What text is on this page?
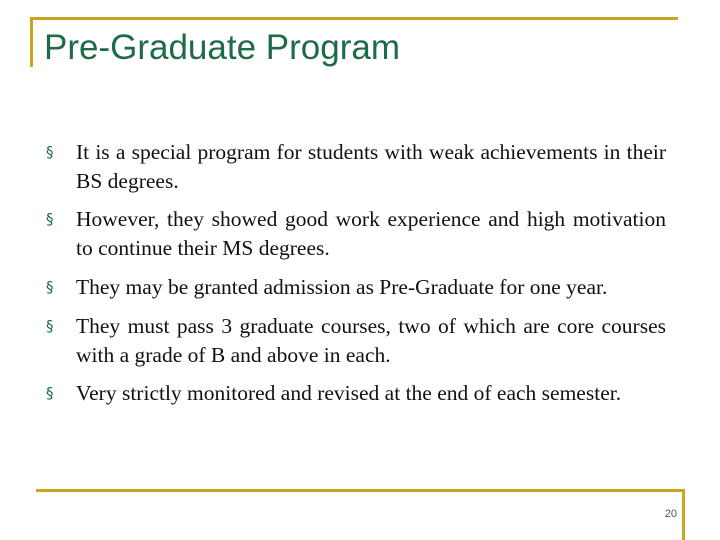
Pre-Graduate Program
§ It is a special program for students with weak achievements in their BS degrees.
§ However, they showed good work experience and high motivation to continue their MS degrees.
§ They may be granted admission as Pre-Graduate for one year.
§ They must pass 3 graduate courses, two of which are core courses with a grade of B and above in each.
§ Very strictly monitored and revised at the end of each semester.
20
